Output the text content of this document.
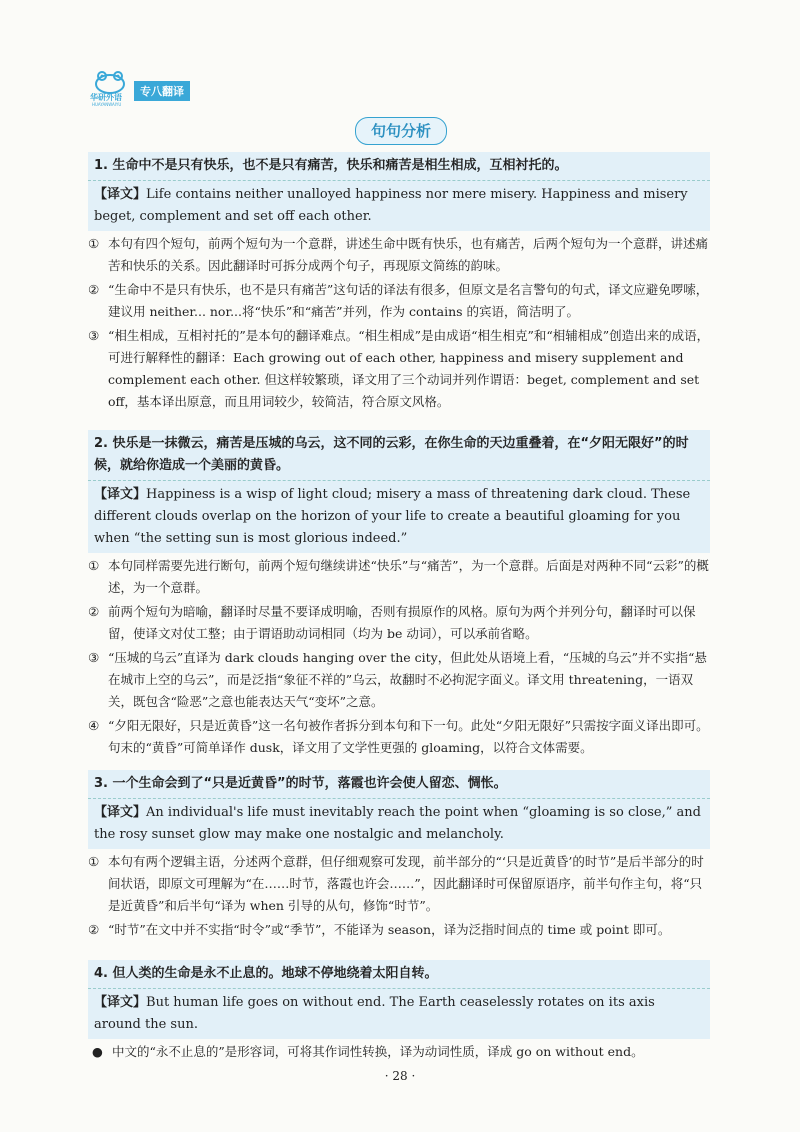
华研外语
HUAYANWAIYU
专八翻译
句句分析
1. 生命中不是只有快乐，也不是只有痛苦，快乐和痛苦是相生相成，互相衬托的。
【译文】Life contains neither unalloyed happiness nor mere misery. Happiness and misery beget, complement and set off each other.
① 本句有四个短句，前两个短句为一个意群，讲述生命中既有快乐，也有痛苦，后两个短句为一个意群，讲述痛苦和快乐的关系。因此翻译时可拆分成两个句子，再现原文简练的韵味。
② “生命中不是只有快乐，也不是只有痛苦”这句话的译法有很多，但原文是名言警句的句式，译文应避免啰嗦，建议用 neither... nor...将“快乐”和“痛苦”并列，作为 contains 的宾语，简洁明了。
③ “相生相成，互相衬托的”是本句的翻译难点。“相生相成”是由成语“相生相克”和“相辅相成”创造出来的成语，可进行解释性的翻译：Each growing out of each other, happiness and misery supplement and complement each other. 但这样较繁琐，译文用了三个动词并列作谓语：beget, complement and set off，基本译出原意，而且用词较少，较简洁，符合原文风格。
2. 快乐是一抹微云，痛苦是压城的乌云，这不同的云彩，在你生命的天边重叠着，在“夕阳无限好”的时候，就给你造成一个美丽的黄昏。
【译文】Happiness is a wisp of light cloud; misery a mass of threatening dark cloud. These different clouds overlap on the horizon of your life to create a beautiful gloaming for you when “the setting sun is most glorious indeed.”
① 本句同样需要先进行断句，前两个短句继续讲述“快乐”与“痛苦”，为一个意群。后面是对两种不同“云彩”的概述，为一个意群。
② 前两个短句为暗喻，翻译时尽量不要译成明喻，否则有损原作的风格。原句为两个并列分句，翻译时可以保留，使译文对仗工整；由于谓语助动词相同（均为 be 动词），可以承前省略。
③ “压城的乌云”直译为 dark clouds hanging over the city，但此处从语境上看，“压城的乌云”并不实指“悬在城市上空的乌云”，而是泛指“象征不祥的”乌云，故翻时不必拘泥字面义。译文用 threatening，一语双关，既包含“险恶”之意也能表达天气“变坏”之意。
④ “夕阳无限好，只是近黄昏”这一名句被作者拆分到本句和下一句。此处“夕阳无限好”只需按字面义译出即可。句末的“黄昏”可简单译作 dusk，译文用了文学性更强的 gloaming，以符合文体需要。
3. 一个生命会到了“只是近黄昏”的时节，落霞也许会使人留恋、惆怅。
【译文】An individual's life must inevitably reach the point when “gloaming is so close,” and the rosy sunset glow may make one nostalgic and melancholy.
① 本句有两个逻辑主语，分述两个意群，但仔细观察可发现，前半部分的“‘只是近黄昏’的时节”是后半部分的时间状语，即原文可理解为“在……时节，落霞也许会……”，因此翻译时可保留原语序，前半句作主句，将“只是近黄昏”和后半句“译为 when 引导的从句，修饰“时节”。
② “时节”在文中并不实指“时令”或“季节”，不能译为 season，译为泛指时间点的 time 或 point 即可。
4. 但人类的生命是永不止息的。地球不停地绕着太阳自转。
【译文】But human life goes on without end. The Earth ceaselessly rotates on its axis around the sun.
● 中文的“永不止息的”是形容词，可将其作词性转换，译为动词性质，译成 go on without end。
· 28 ·
